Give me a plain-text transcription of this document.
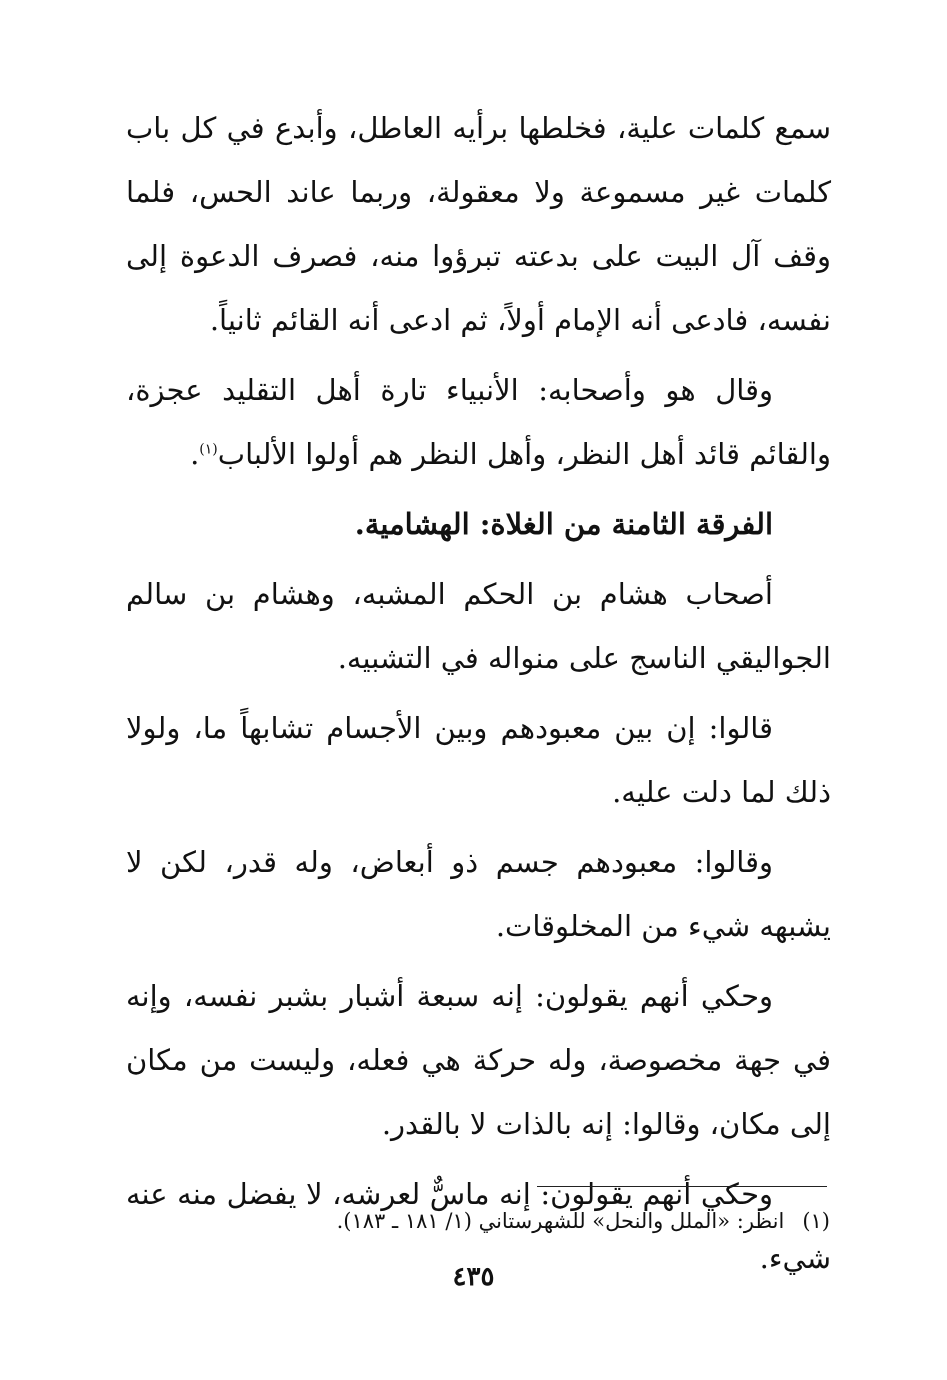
سمع كلمات علية، فخلطها برأيه العاطل، وأبدع في كل باب كلمات غير مسموعة ولا معقولة، وربما عاند الحس، فلما وقف آل البيت على بدعته تبرؤوا منه، فصرف الدعوة إلى نفسه، فادعى أنه الإمام أولاً، ثم ادعى أنه القائم ثانياً.

وقال هو وأصحابه: الأنبياء تارة أهل التقليد عجزة، والقائم قائد أهل النظر، وأهل النظر هم أولوا الألباب$^{(١)}$.

الفرقة الثامنة من الغلاة: الهشامية.

أصحاب هشام بن الحكم المشبه، وهشام بن سالم الجواليقي الناسج على منواله في التشبيه.

قالوا: إن بين معبودهم وبين الأجسام تشابهاً ما، ولولا ذلك لما دلت عليه.

وقالوا: معبودهم جسم ذو أبعاض، وله قدر، لكن لا يشبهه شيء من المخلوقات.

وحكي أنهم يقولون: إنه سبعة أشبار بشبر نفسه، وإنه في جهة مخصوصة، وله حركة هي فعله، وليست من مكان إلى مكان، وقالوا: إنه بالذات لا بالقدر.

وحكي أنهم يقولون: إنه ماسٌّ لعرشه، لا يفضل منه عنه شيء.

(١)انظر: «الملل والنحل» للشهرستاني (١/ ١٨١ ـ ١٨٣).
٤٣٥
